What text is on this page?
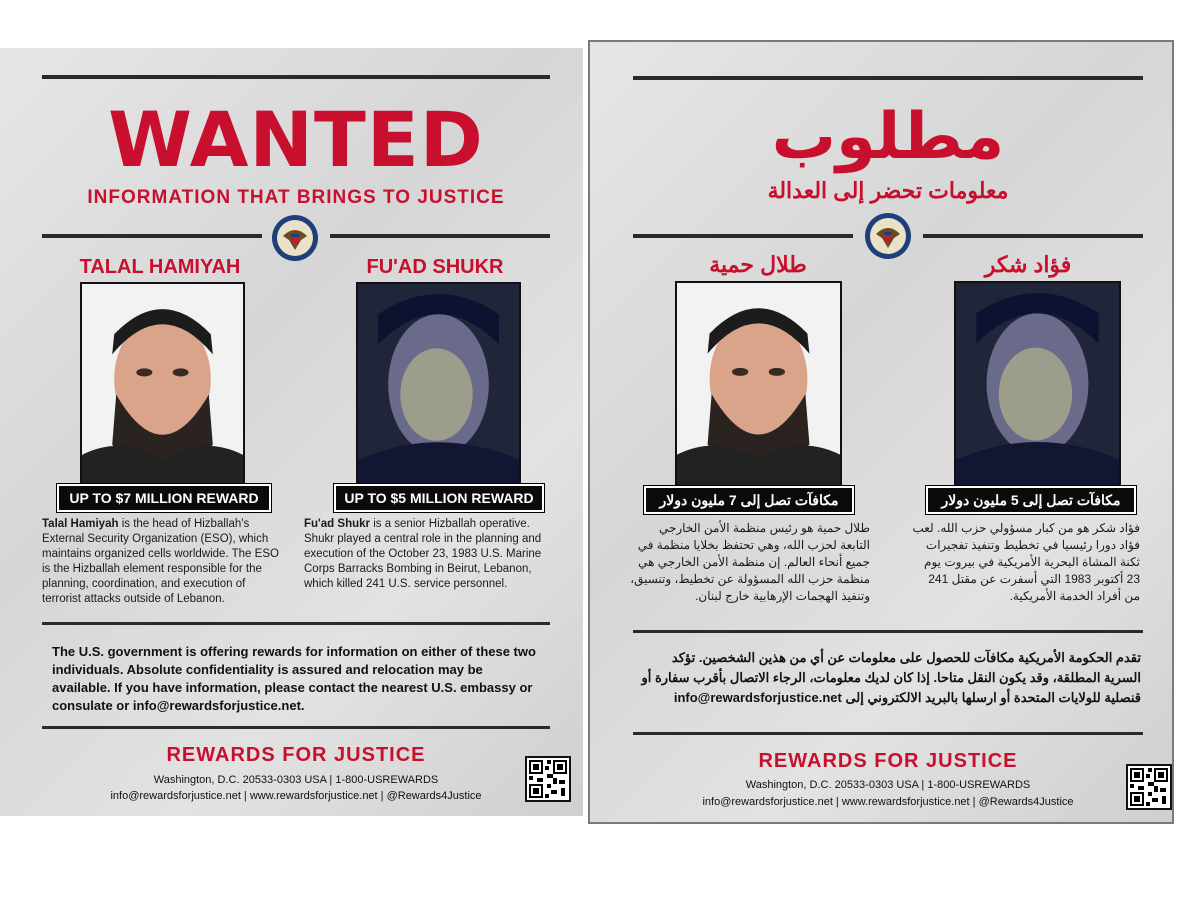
WANTED
INFORMATION THAT BRINGS TO JUSTICE
TALAL HAMIYAH	FU'AD SHUKR
UP TO $7 MILLION REWARD	UP TO $5 MILLION REWARD
Talal Hamiyah is the head of Hizballah's External Security Organization (ESO), which maintains organized cells worldwide. The ESO is the Hizballah element responsible for the planning, coordination, and execution of terrorist attacks outside of Lebanon.
Fu'ad Shukr is a senior Hizballah operative. Shukr played a central role in the planning and execution of the October 23, 1983 U.S. Marine Corps Barracks Bombing in Beirut, Lebanon, which killed 241 U.S. service personnel.
The U.S. government is offering rewards for information on either of these two individuals. Absolute confidentiality is assured and relocation may be available. If you have information, please contact the nearest U.S. embassy or consulate or info@rewardsforjustice.net.
REWARDS FOR JUSTICE
Washington, D.C. 20533-0303 USA | 1-800-USREWARDS
info@rewardsforjustice.net | www.rewardsforjustice.net | @Rewards4Justice
مطلوب
معلومات تحضر إلى العدالة
طلال حمية	فؤاد شكر
مكافآت تصل إلى 7 مليون دولار	مكافآت تصل إلى 5 مليون دولار
طلال حمية هو رئيس منظمة الأمن الخارجي التابعة لحزب الله، وهي تحتفظ بخلايا منظمة في جميع أنحاء العالم. إن منظمة الأمن الخارجي هي منظمة حزب الله المسؤولة عن تخطيط، وتنسيق، وتنفيذ الهجمات الإرهابية خارج لبنان.
فؤاد شكر هو من كبار مسؤولي حزب الله. لعب فؤاد دورا رئيسيا في تخطيط وتنفيذ تفجيرات ثكنة المشاة البحرية الأمريكية في بيروت يوم 23 أكتوبر 1983 التي أسفرت عن مقتل 241 من أفراد الخدمة الأمريكية.
تقدم الحكومة الأمريكية مكافآت للحصول على معلومات عن أي من هذين الشخصين. تؤكد السرية المطلقة، وقد يكون النقل متاحا. إذا كان لديك معلومات، الرجاء الاتصال بأقرب سفارة أو قنصلية للولايات المتحدة أو ارسلها بالبريد الالكتروني إلى info@rewardsforjustice.net
REWARDS FOR JUSTICE
Washington, D.C. 20533-0303 USA | 1-800-USREWARDS
info@rewardsforjustice.net | www.rewardsforjustice.net | @Rewards4Justice
